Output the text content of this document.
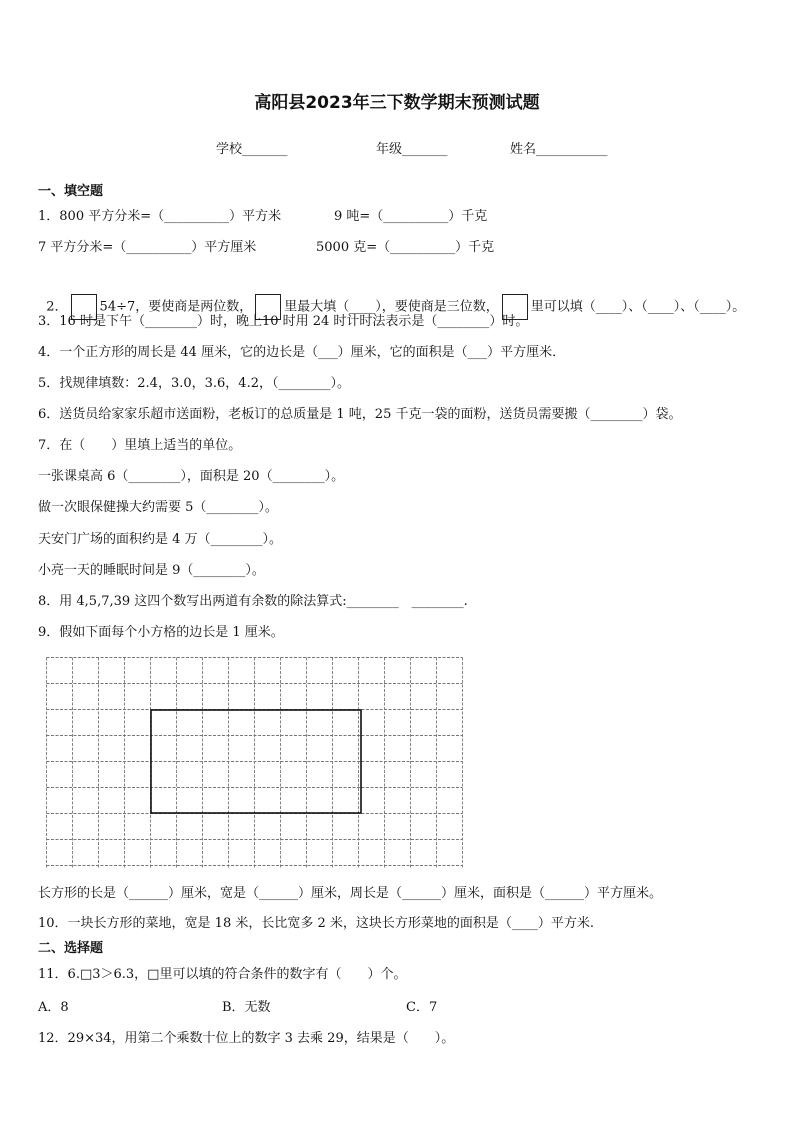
高阳县2023年三下数学期末预测试题
学校_______	年级_______	姓名___________
一、填空题
1．800 平方分米=（__________）平方米	9 吨=（__________）千克
7 平方分米=（__________）平方厘米	5000 克=（__________）千克

2． 54÷7，要使商是两位数， 里最大填（____），要使商是三位数， 里可以填（____）、（____）、（____）。

3．16 时是下午（________）时，晚上10 时用 24 时计时法表示是（________）时。
4．一个正方形的周长是 44 厘米，它的边长是（___）厘米，它的面积是（___）平方厘米．
5．找规律填数：2.4，3.0，3.6，4.2，（________）。
6．送货员给家家乐超市送面粉，老板订的总质量是 1 吨，25 千克一袋的面粉，送货员需要搬（________）袋。
7．在（　　）里填上适当的单位。
一张课桌高 6（________），面积是 20（________）。
做一次眼保健操大约需要 5（________）。
天安门广场的面积约是 4 万（________）。
小亮一天的睡眠时间是 9（________）。
8．用 4,5,7,39 这四个数写出两道有余数的除法算式:________　________.
9．假如下面每个小方格的边长是 1 厘米。
长方形的长是（______）厘米，宽是（______）厘米，周长是（______）厘米，面积是（______）平方厘米。
10．一块长方形的菜地，宽是 18 米，长比宽多 2 米，这块长方形菜地的面积是（____）平方米.
二、选择题
11．6.□3＞6.3，□里可以填的符合条件的数字有（　　）个。
A．8	B．无数	C．7
12．29×34，用第二个乘数十位上的数字 3 去乘 29，结果是（　　）。
